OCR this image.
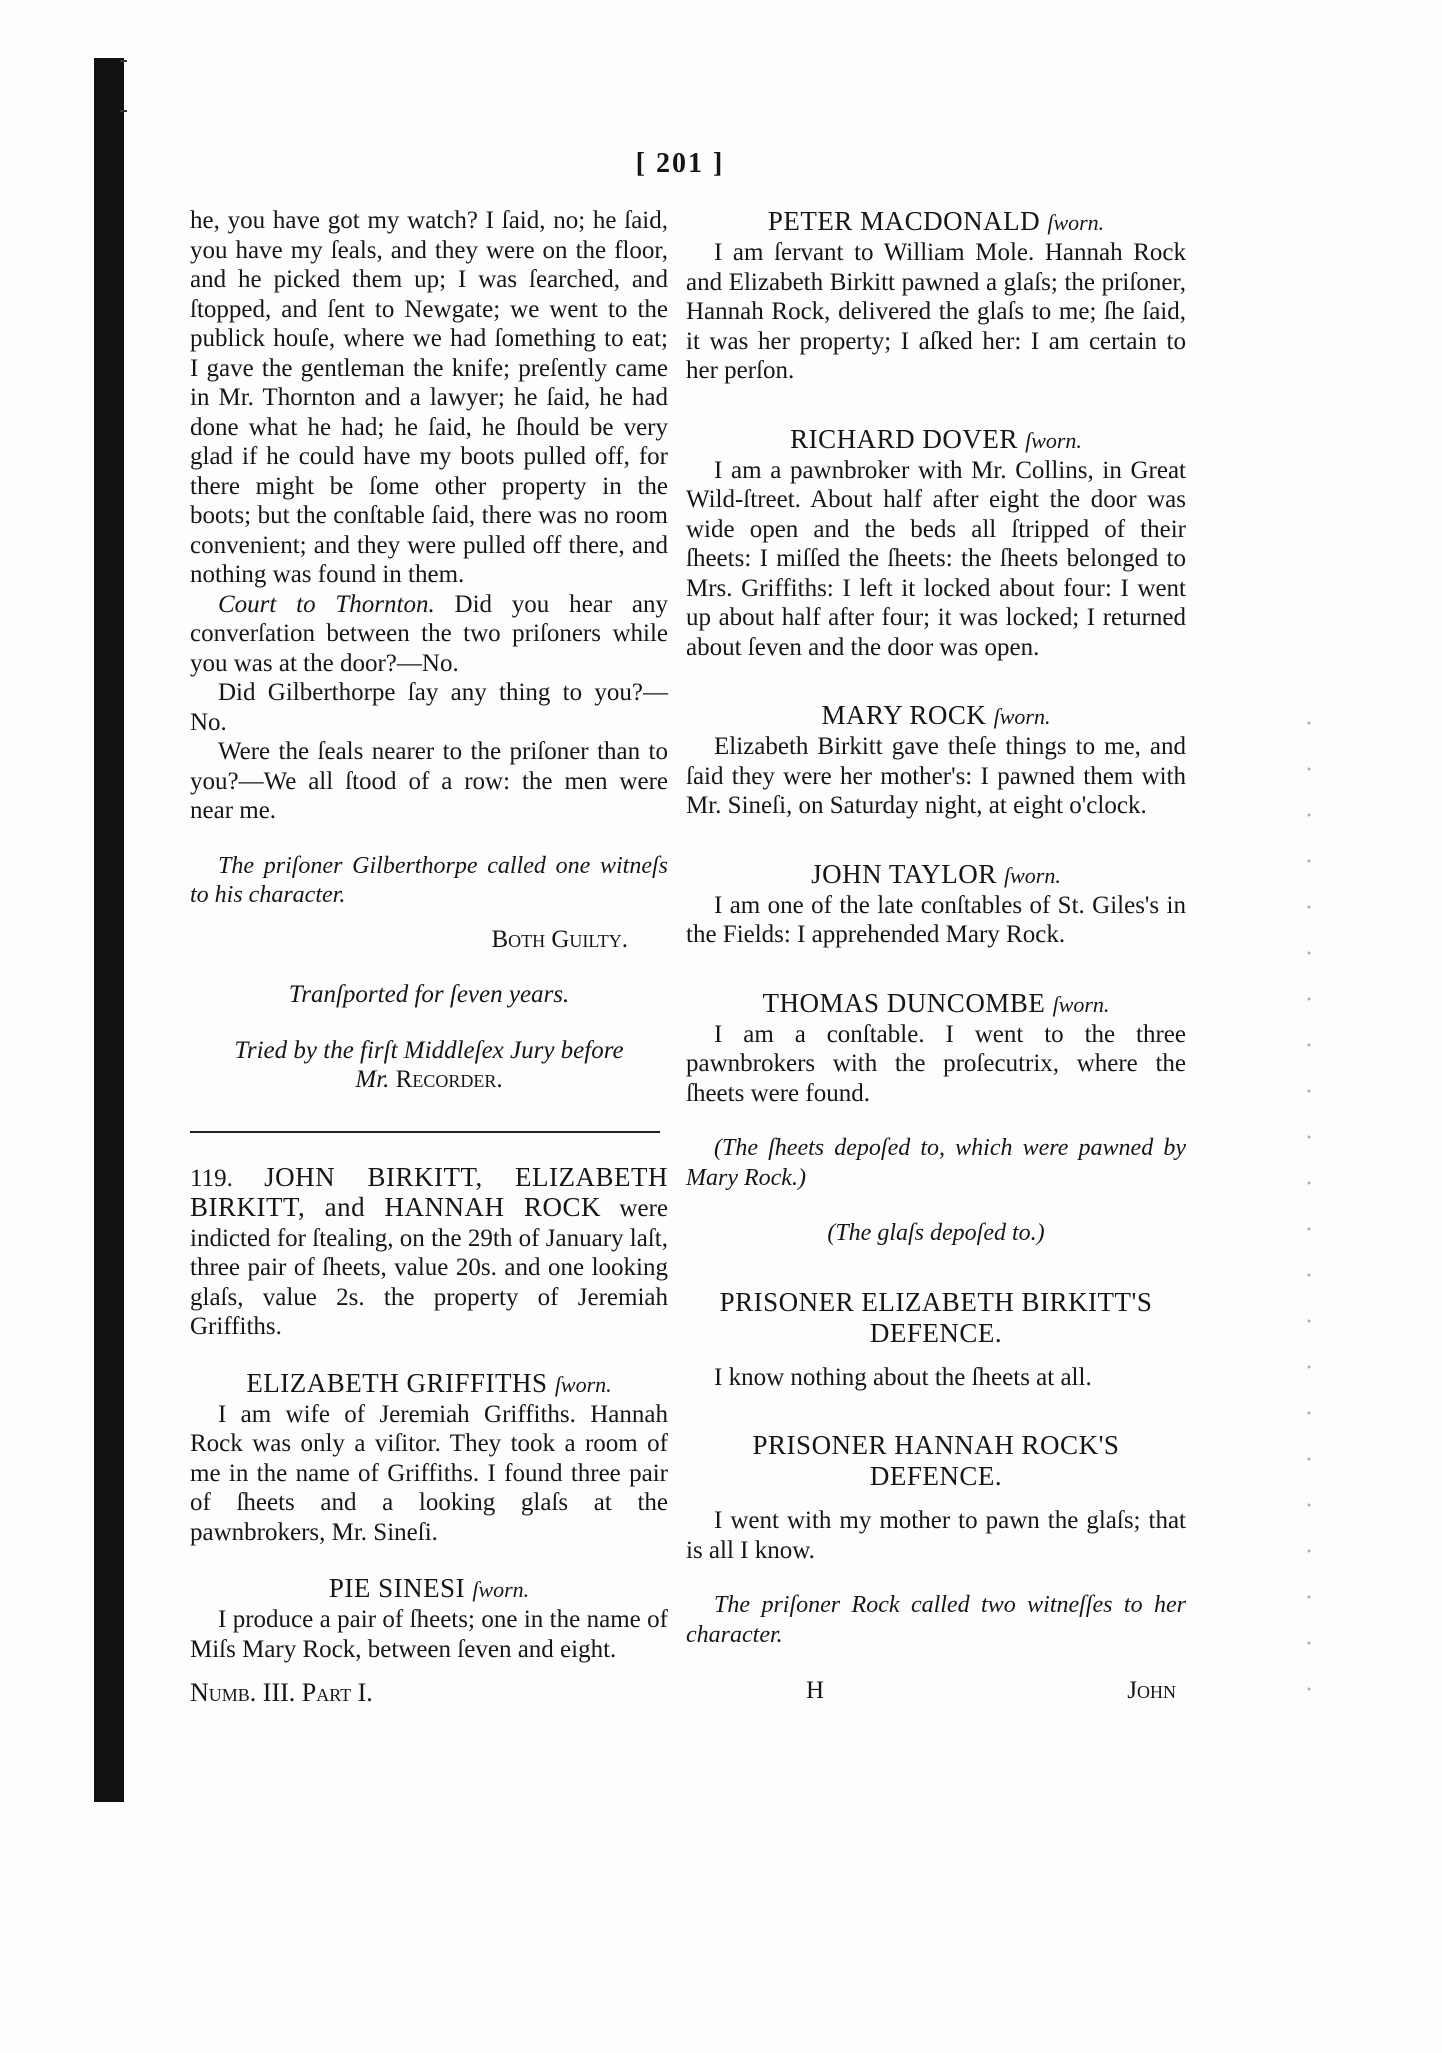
[ 201 ]

he, you have got my watch? I ſaid, no; he ſaid, you have my ſeals, and they were on the floor, and he picked them up; I was ſearched, and ſtopped, and ſent to Newgate; we went to the publick houſe, where we had ſomething to eat; I gave the gentleman the knife; preſently came in Mr. Thornton and a lawyer; he ſaid, he had done what he had; he ſaid, he ſhould be very glad if he could have my boots pulled off, for there might be ſome other property in the boots; but the conſtable ſaid, there was no room convenient; and they were pulled off there, and nothing was found in them.

Court to Thornton. Did you hear any converſation between the two priſoners while you was at the door?—No.

Did Gilberthorpe ſay any thing to you?—No.

Were the ſeals nearer to the priſoner than to you?—We all ſtood of a row: the men were near me.

The priſoner Gilberthorpe called one witneſs to his character.

Both Guilty.

Tranſported for ſeven years.

Tried by the firſt Middleſex Jury before

Mr. Recorder.

119. JOHN BIRKITT, ELIZABETH BIRKITT, and HANNAH ROCK were indicted for ſtealing, on the 29th of January laſt, three pair of ſheets, value 20s. and one looking glaſs, value 2s. the property of Jeremiah Griffiths.

ELIZABETH GRIFFITHS ſworn.

I am wife of Jeremiah Griffiths. Hannah Rock was only a viſitor. They took a room of me in the name of Griffiths. I found three pair of ſheets and a looking glaſs at the pawnbrokers, Mr. Sineſi.

PIE SINESI ſworn.

I produce a pair of ſheets; one in the name of Miſs Mary Rock, between ſeven and eight.

Numb. III. Part I.

PETER MACDONALD ſworn.

I am ſervant to William Mole. Hannah Rock and Elizabeth Birkitt pawned a glaſs; the priſoner, Hannah Rock, delivered the glaſs to me; ſhe ſaid, it was her property; I aſked her: I am certain to her perſon.

RICHARD DOVER ſworn.

I am a pawnbroker with Mr. Collins, in Great Wild-ſtreet. About half after eight the door was wide open and the beds all ſtripped of their ſheets: I miſſed the ſheets: the ſheets belonged to Mrs. Griffiths: I left it locked about four: I went up about half after four; it was locked; I returned about ſeven and the door was open.

MARY ROCK ſworn.

Elizabeth Birkitt gave theſe things to me, and ſaid they were her mother's: I pawned them with Mr. Sineſi, on Saturday night, at eight o'clock.

JOHN TAYLOR ſworn.

I am one of the late conſtables of St. Giles's in the Fields: I apprehended Mary Rock.

THOMAS DUNCOMBE ſworn.

I am a conſtable. I went to the three pawnbrokers with the proſecutrix, where the ſheets were found.

(The ſheets depoſed to, which were pawned by Mary Rock.)

(The glaſs depoſed to.)

PRISONER ELIZABETH BIRKITT'S DEFENCE.

I know nothing about the ſheets at all.

PRISONER HANNAH ROCK'S DEFENCE.

I went with my mother to pawn the glaſs; that is all I know.

The priſoner Rock called two witneſſes to her character.

H	John
